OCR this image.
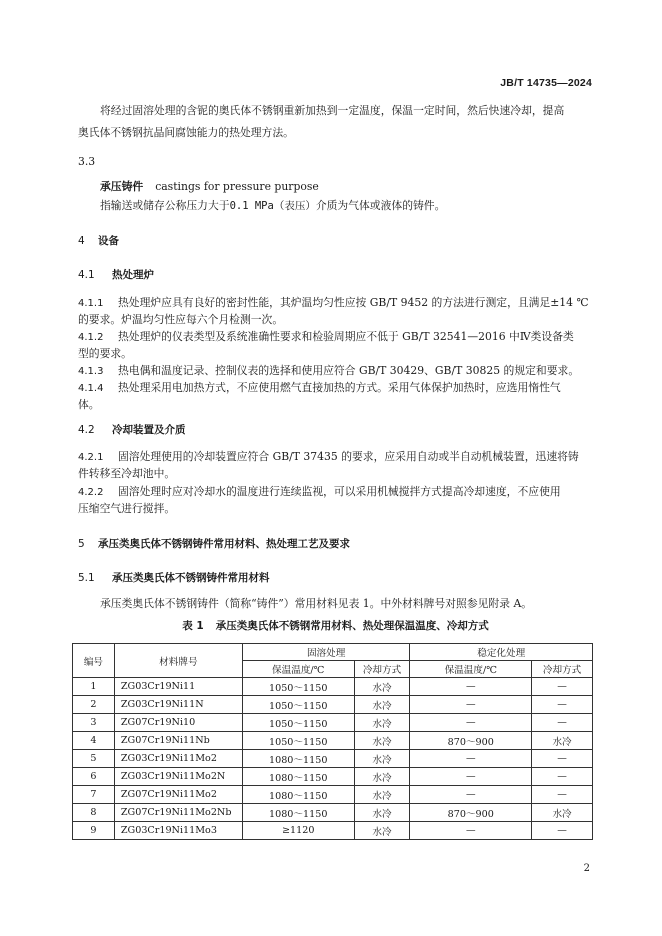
JB/T 14735—2024
将经过固溶处理的含铌的奥氏体不锈钢重新加热到一定温度，保温一定时间，然后快速冷却，提高
奥氏体不锈钢抗晶间腐蚀能力的热处理方法。
3.3
承压铸件 castings for pressure purpose
指输送或储存公称压力大于0.1 MPa（表压）介质为气体或液体的铸件。
4 设备
4.1 热处理炉
4.1.1 热处理炉应具有良好的密封性能，其炉温均匀性应按 GB/T 9452 的方法进行测定，且满足±14 ℃
的要求。炉温均匀性应每六个月检测一次。
4.1.2 热处理炉的仪表类型及系统准确性要求和检验周期应不低于 GB/T 32541—2016 中Ⅳ类设备类
型的要求。
4.1.3 热电偶和温度记录、控制仪表的选择和使用应符合 GB/T 30429、GB/T 30825 的规定和要求。
4.1.4 热处理采用电加热方式，不应使用燃气直接加热的方式。采用气体保护加热时，应选用惰性气
体。
4.2 冷却装置及介质
4.2.1 固溶处理使用的冷却装置应符合 GB/T 37435 的要求，应采用自动或半自动机械装置，迅速将铸
件转移至冷却池中。
4.2.2 固溶处理时应对冷却水的温度进行连续监视，可以采用机械搅拌方式提高冷却速度，不应使用
压缩空气进行搅拌。
5 承压类奥氏体不锈钢铸件常用材料、热处理工艺及要求
5.1 承压类奥氏体不锈钢铸件常用材料
承压类奥氏体不锈钢铸件（简称“铸件”）常用材料见表 1。中外材料牌号对照参见附录 A。
表 1 承压类奥氏体不锈钢常用材料、热处理保温温度、冷却方式
编号	材料牌号	固溶处理		稳定化处理	
		保温温度/℃	冷却方式	保温温度/℃	冷却方式
1	ZG03Cr19Ni11	1050～1150	水冷	—	—
2	ZG03Cr19Ni11N	1050～1150	水冷	—	—
3	ZG07Cr19Ni10	1050～1150	水冷	—	—
4	ZG07Cr19Ni11Nb	1050～1150	水冷	870～900	水冷
5	ZG03Cr19Ni11Mo2	1080～1150	水冷	—	—
6	ZG03Cr19Ni11Mo2N	1080～1150	水冷	—	—
7	ZG07Cr19Ni11Mo2	1080～1150	水冷	—	—
8	ZG07Cr19Ni11Mo2Nb	1080～1150	水冷	870～900	水冷
9	ZG03Cr19Ni11Mo3	≥1120	水冷	—	—
2
